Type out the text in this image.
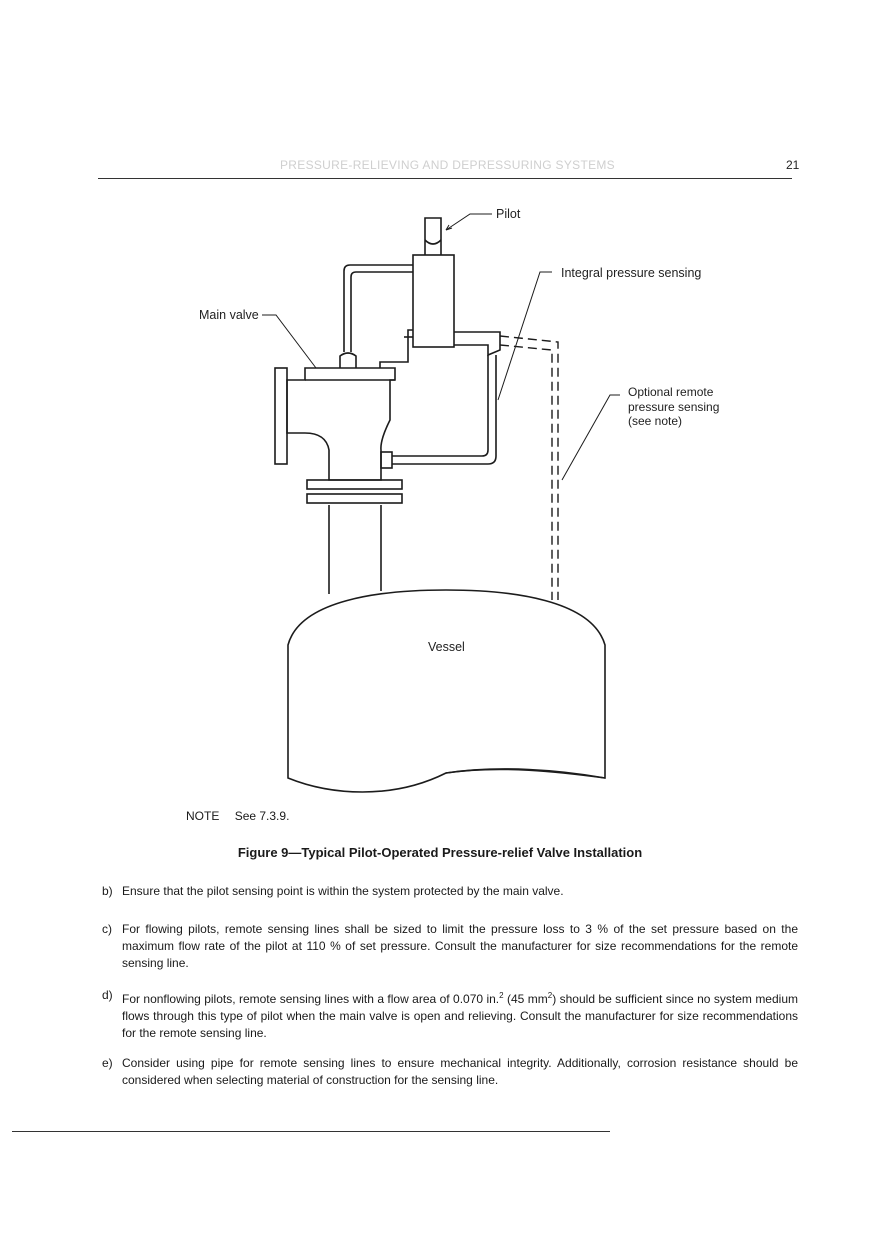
PRESSURE-RELIEVING AND DEPRESSURING SYSTEMS	21
Pilot
Integral pressure sensing
Main valve
Optional remote
pressure sensing
(see note)
Vessel
NOTE See 7.3.9.
Figure 9—Typical Pilot-Operated Pressure-relief Valve Installation
b) Ensure that the pilot sensing point is within the system protected by the main valve.
c) For flowing pilots, remote sensing lines shall be sized to limit the pressure loss to 3 % of the set pressure based on the maximum flow rate of the pilot at 110 % of set pressure. Consult the manufacturer for size recommendations for the remote sensing line.
d) For nonflowing pilots, remote sensing lines with a flow area of 0.070 in.$^2$ (45 $mm^2$) should be sufficient since no system medium flows through this type of pilot when the main valve is open and relieving. Consult the manufacturer for size recommendations for the remote sensing line.
e) Consider using pipe for remote sensing lines to ensure mechanical integrity. Additionally, corrosion resistance should be considered when selecting material of construction for the sensing line.
